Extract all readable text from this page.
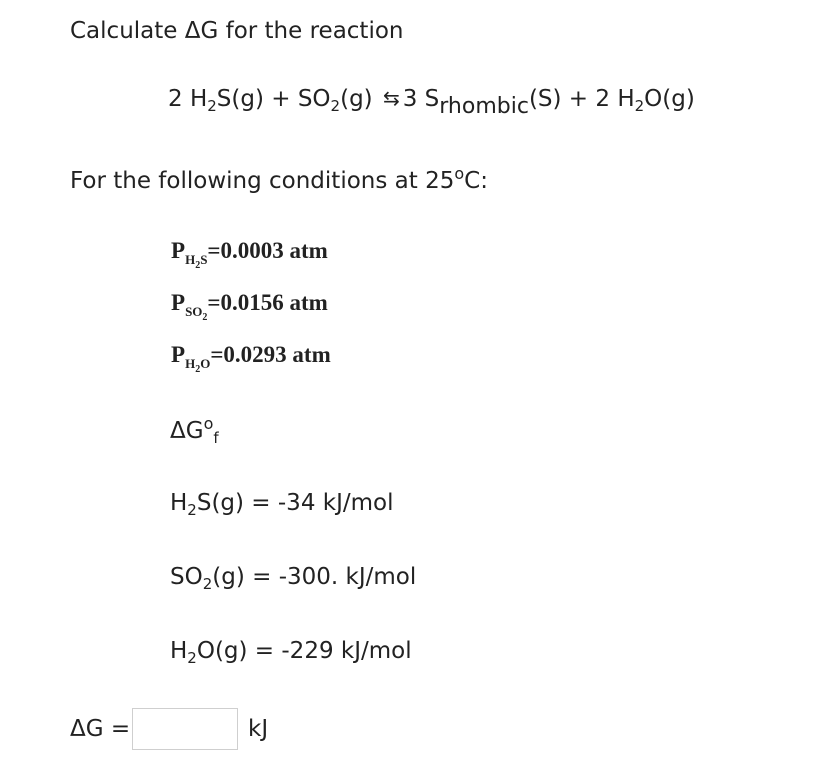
Calculate ΔG for the reaction
2 $H_2S(g) + SO_2(g)$ ⇆ 3 Srhombic(S) + 2 $H_2O(g)$
For the following conditions at 25$^o$C:
$P_{H_2S}=0.0003$ atm
$P_{SO_2}=0.0156$ atm
$P_{H_2O}=0.0293$ atm
$\Delta G^o_f$
$H_2S(g) = -34$ kJ/mol
$SO_2(g) = -300$. kJ/mol
$H_2O(g) = -229$ kJ/mol
ΔG =	kJ
